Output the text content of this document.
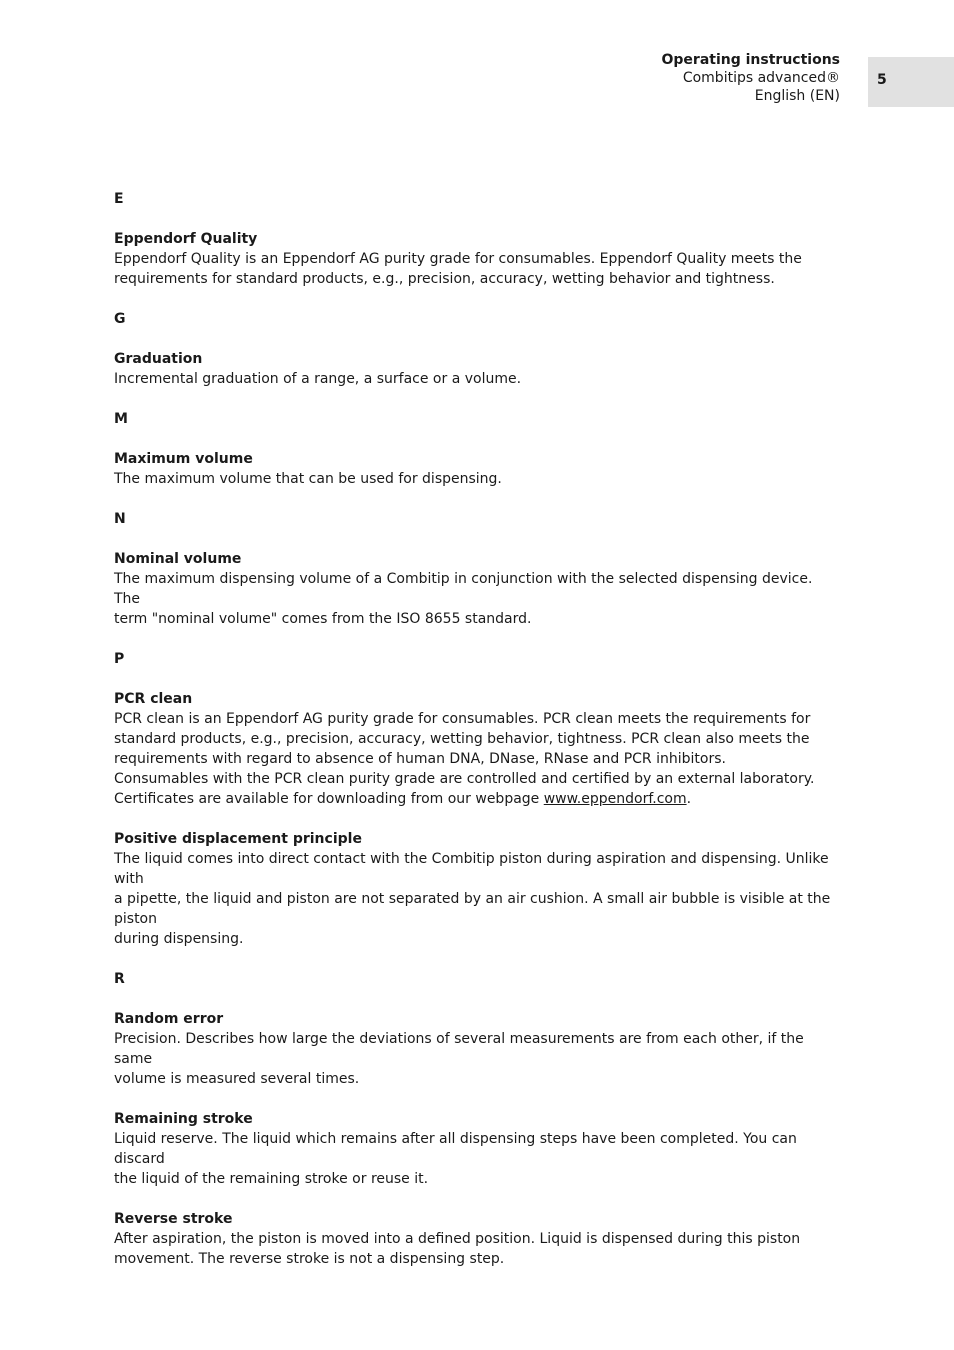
Operating instructions
Combitips advanced®
English (EN)
5
E
Eppendorf Quality
Eppendorf Quality is an Eppendorf AG purity grade for consumables. Eppendorf Quality meets the
requirements for standard products, e.g., precision, accuracy, wetting behavior and tightness.
G
Graduation
Incremental graduation of a range, a surface or a volume.
M
Maximum volume
The maximum volume that can be used for dispensing.
N
Nominal volume
The maximum dispensing volume of a Combitip in conjunction with the selected dispensing device. The
term "nominal volume" comes from the ISO 8655 standard.
P
PCR clean
PCR clean is an Eppendorf AG purity grade for consumables. PCR clean meets the requirements for
standard products, e.g., precision, accuracy, wetting behavior, tightness. PCR clean also meets the
requirements with regard to absence of human DNA, DNase, RNase and PCR inhibitors.
Consumables with the PCR clean purity grade are controlled and certified by an external laboratory.
Certificates are available for downloading from our webpage www.eppendorf.com.
Positive displacement principle
The liquid comes into direct contact with the Combitip piston during aspiration and dispensing. Unlike with
a pipette, the liquid and piston are not separated by an air cushion. A small air bubble is visible at the piston
during dispensing.
R
Random error
Precision. Describes how large the deviations of several measurements are from each other, if the same
volume is measured several times.
Remaining stroke
Liquid reserve. The liquid which remains after all dispensing steps have been completed. You can discard
the liquid of the remaining stroke or reuse it.
Reverse stroke
After aspiration, the piston is moved into a defined position. Liquid is dispensed during this piston
movement. The reverse stroke is not a dispensing step.
